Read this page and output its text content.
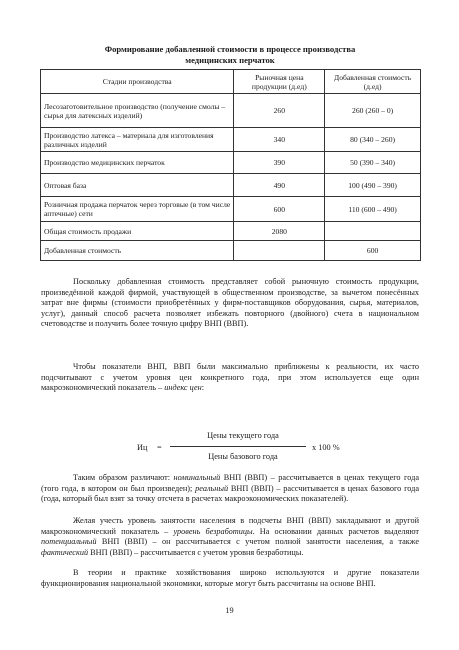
Формирование добавленной стоимости в процессе производства
медицинских перчаток
Стадии производства	Рыночная цена продукции (д.ед)	Добавленная стоимость (д.ед)
Лесозаготовительное производство (получение смолы – сырья для латексных изделий)	260	260 (260 – 0)
Производство латекса – материала для изготовления различных изделий	340	80 (340 – 260)
Производство медицинских перчаток	390	50 (390 – 340)
Оптовая база	490	100 (490 – 390)
Розничная продажа перчаток через торговые (в том числе аптечные) сети	600	110 (600 – 490)
Общая стоимость продажи	2080	
Добавленная стоимость		600

Поскольку добавленная стоимость представляет собой рыночную стоимость продукции, произведённой каждой фирмой, участвующей в общественном производстве, за вычетом понесённых затрат вне фирмы (стоимости приобретённых у фирм-поставщиков оборудования, сырья, материалов, услуг), данный способ расчета позволяет избежать повторного (двойного) счета в национальном счетоводстве и получить более точную цифру ВНП (ВВП).

Чтобы показатели ВНП, ВВП были максимально приближены к реальности, их часто подсчитывают с учетом уровня цен конкретного года, при этом используется еще один макроэкономический показатель – индекс цен:

Иц =
Цены текущего года
Цены базового года
х 100 %

Таким образом различают: номинальный ВНП (ВВП) – рассчитывается в ценах текущего года (того года, в котором он был произведен); реальный ВНП (ВВП) – рассчитывается в ценах базового года (года, который был взят за точку отсчета в расчетах макроэкономических показателей).

Желая учесть уровень занятости населения в подсчеты ВНП (ВВП) закладывают и другой макроэкономический показатель – уровень безработицы. На основании данных расчетов выделяют потенциальный ВНП (ВВП) – он рассчитывается с учетом полной занятости населения, а также фактический ВНП (ВВП) – рассчитывается с учетом уровня безработицы.

В теории и практике хозяйствования широко используются и другие показатели функционирования национальной экономики, которые могут быть рассчитаны на основе ВНП.

19
